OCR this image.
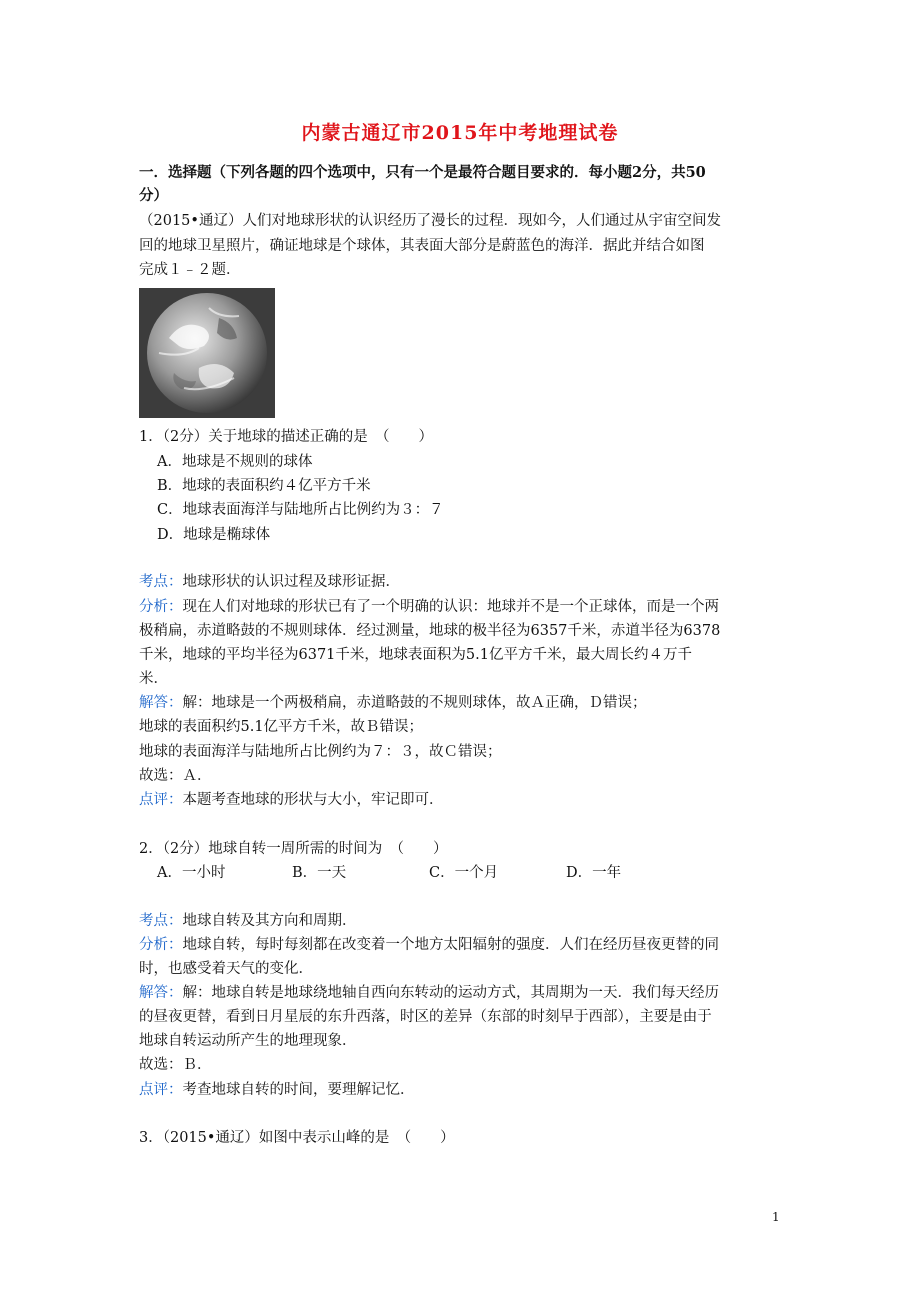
内蒙古通辽市2015年中考地理试卷
一．选择题（下列各题的四个选项中，只有一个是最符合题目要求的．每小题2分，共50
分）
（2015•通辽）人们对地球形状的认识经历了漫长的过程．现如今，人们通过从宇宙空间发
回的地球卫星照片，确证地球是个球体，其表面大部分是蔚蓝色的海洋．据此并结合如图
完成１﹣２题．
1．（2分）关于地球的描述正确的是　（　　）
A．地球是不规则的球体
B．地球的表面积约４亿平方千米
C．地球表面海洋与陆地所占比例约为３：７
D．地球是椭球体
考点：地球形状的认识过程及球形证据．
分析：现在人们对地球的形状已有了一个明确的认识：地球并不是一个正球体，而是一个两
极稍扁，赤道略鼓的不规则球体．经过测量，地球的极半径为6357千米，赤道半径为6378
千米，地球的平均半径为6371千米，地球表面积为5.1亿平方千米，最大周长约４万千
米．
解答：解：地球是一个两极稍扁，赤道略鼓的不规则球体，故Ａ正确，Ｄ错误；
地球的表面积约5.1亿平方千米，故Ｂ错误；
地球的表面海洋与陆地所占比例约为７：３，故Ｃ错误；
故选：Ａ．
点评：本题考查地球的形状与大小，牢记即可．
2．（2分）地球自转一周所需的时间为　（　　）
A．一小时	B．一天	C．一个月	D．一年
考点：地球自转及其方向和周期．
分析：地球自转，每时每刻都在改变着一个地方太阳辐射的强度．人们在经历昼夜更替的同
时，也感受着天气的变化．
解答：解：地球自转是地球绕地轴自西向东转动的运动方式，其周期为一天．我们每天经历
的昼夜更替，看到日月星辰的东升西落，时区的差异（东部的时刻早于西部），主要是由于
地球自转运动所产生的地理现象．
故选：Ｂ．
点评：考查地球自转的时间，要理解记忆．
3．（2015•通辽）如图中表示山峰的是　（　　）
1
